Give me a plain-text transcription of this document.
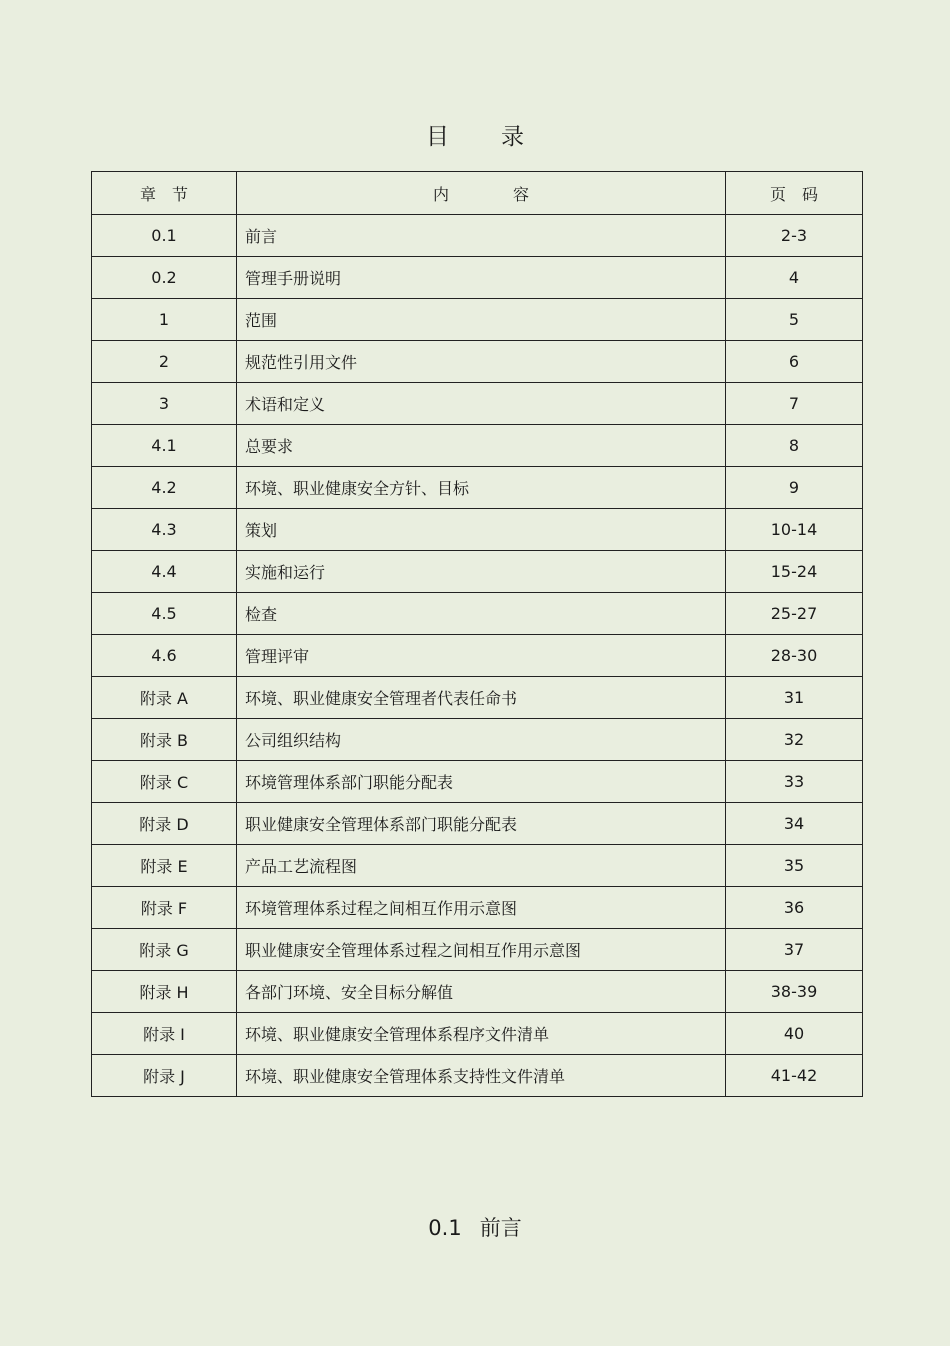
目 录
章　节	内　　　　容	页　码
0.1	前言	2-3
0.2	管理手册说明	4
1	范围	5
2	规范性引用文件	6
3	术语和定义	7
4.1	总要求	8
4.2	环境、职业健康安全方针、目标	9
4.3	策划	10-14
4.4	实施和运行	15-24
4.5	检查	25-27
4.6	管理评审	28-30
附录 A	环境、职业健康安全管理者代表任命书	31
附录 B	公司组织结构	32
附录 C	环境管理体系部门职能分配表	33
附录 D	职业健康安全管理体系部门职能分配表	34
附录 E	产品工艺流程图	35
附录 F	环境管理体系过程之间相互作用示意图	36
附录 G	职业健康安全管理体系过程之间相互作用示意图	37
附录 H	各部门环境、安全目标分解值	38-39
附录 I	环境、职业健康安全管理体系程序文件清单	40
附录 J	环境、职业健康安全管理体系支持性文件清单	41-42
0.1 前言
